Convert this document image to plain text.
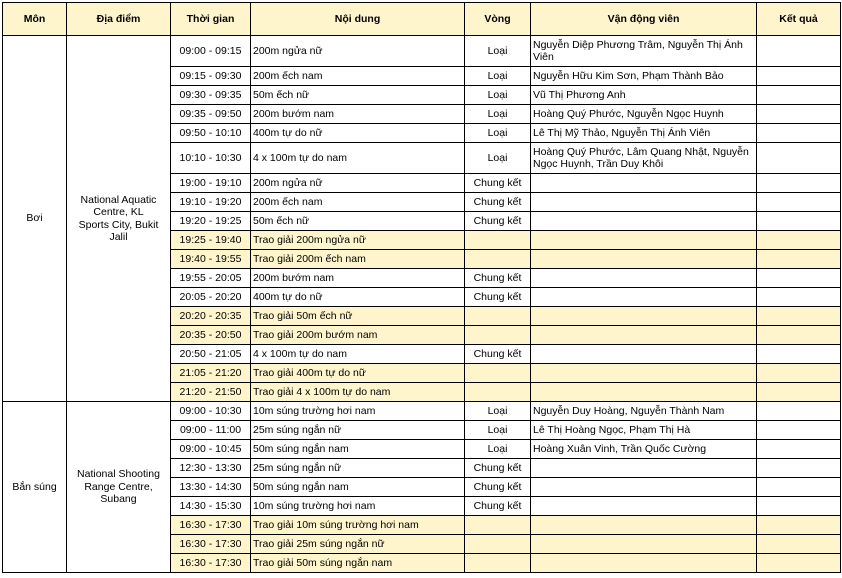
Môn	Địa điểm	Thời gian	Nội dung	Vòng	Vận động viên	Kết quả
Bơi	National Aquatic Centre, KL Sports City, Bukit Jalil	09:00 - 09:15	200m ngửa nữ	Loại	Nguyễn Diệp Phương Trâm, Nguyễn Thị Ánh Viên	
		09:15 - 09:30	200m ếch nam	Loại	Nguyễn Hữu Kim Sơn, Phạm Thành Bảo	
		09:30 - 09:35	50m ếch nữ	Loại	Vũ Thị Phương Anh	
		09:35 - 09:50	200m bướm nam	Loại	Hoàng Quý Phước, Nguyễn Ngọc Huynh	
		09:50 - 10:10	400m tự do nữ	Loại	Lê Thị Mỹ Thảo, Nguyễn Thị Ánh Viên	
		10:10 - 10:30	4 x 100m tự do nam	Loại	Hoàng Quý Phước, Lâm Quang Nhật, Nguyễn Ngọc Huynh, Trần Duy Khôi	
		19:00 - 19:10	200m ngửa nữ	Chung kết		
		19:10 - 19:20	200m ếch nam	Chung kết		
		19:20 - 19:25	50m ếch nữ	Chung kết		
		19:25 - 19:40	Trao giải 200m ngửa nữ			
		19:40 - 19:55	Trao giải 200m ếch nam			
		19:55 - 20:05	200m bướm nam	Chung kết		
		20:05 - 20:20	400m tự do nữ	Chung kết		
		20:20 - 20:35	Trao giải 50m ếch nữ			
		20:35 - 20:50	Trao giải 200m bướm nam			
		20:50 - 21:05	4 x 100m tự do nam	Chung kết		
		21:05 - 21:20	Trao giải 400m tự do nữ			
		21:20 - 21:50	Trao giải 4 x 100m tự do nam			
Bắn súng	National Shooting Range Centre, Subang	09:00 - 10:30	10m súng trường hơi nam	Loại	Nguyễn Duy Hoàng, Nguyễn Thành Nam	
		09:00 - 11:00	25m súng ngắn nữ	Loại	Lê Thị Hoàng Ngọc, Phạm Thị Hà	
		09:00 - 10:45	50m súng ngắn nam	Loại	Hoàng Xuân Vinh, Trần Quốc Cường	
		12:30 - 13:30	25m súng ngắn nữ	Chung kết		
		13:30 - 14:30	50m súng ngắn nam	Chung kết		
		14:30 - 15:30	10m súng trường hơi nam	Chung kết		
		16:30 - 17:30	Trao giải 10m súng trường hơi nam			
		16:30 - 17:30	Trao giải 25m súng ngắn nữ			
		16:30 - 17:30	Trao giải 50m súng ngắn nam			
